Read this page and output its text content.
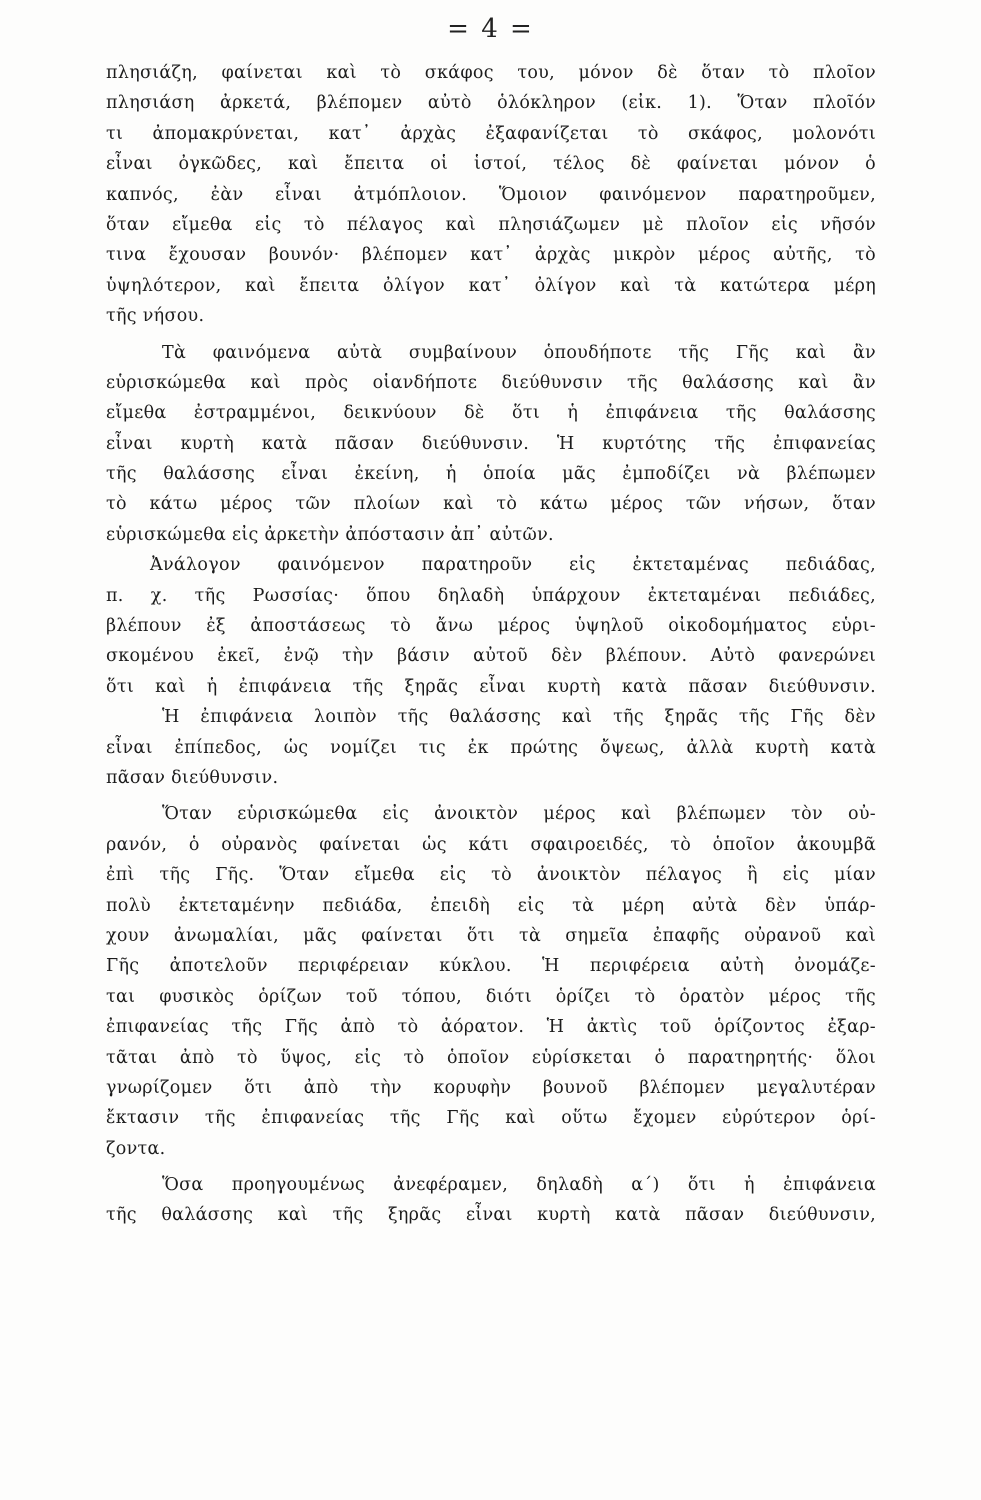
= 4 =
πλησιάζη, φαίνεται καὶ τὸ σκάφος του, μόνον δὲ ὅταν τὸ πλοῖον
πλησιάση ἀρκετά, βλέπομεν αὐτὸ ὁλόκληρον (εἰκ. 1). Ὅταν πλοῖόν
τι ἀπομακρύνεται, κατ᾽ ἀρχὰς ἐξαφανίζεται τὸ σκάφος, μολονότι
εἶναι ὀγκῶδες, καὶ ἔπειτα οἱ ἱστοί, τέλος δὲ φαίνεται μόνον ὁ
καπνός, ἐὰν εἶναι ἀτμόπλοιον. Ὅμοιον φαινόμενον παρατηροῦμεν,
ὅταν εἴμεθα εἰς τὸ πέλαγος καὶ πλησιάζωμεν μὲ πλοῖον εἰς νῆσόν
τινα ἔχουσαν βουνόν· βλέπομεν κατ᾽ ἀρχὰς μικρὸν μέρος αὐτῆς, τὸ
ὑψηλότερον, καὶ ἔπειτα ὀλίγον κατ᾽ ὀλίγον καὶ τὰ κατώτερα μέρη
τῆς νήσου.
Τὰ φαινόμενα αὐτὰ συμβαίνουν ὁπουδήποτε τῆς Γῆς καὶ ἂν
εὑρισκώμεθα καὶ πρὸς οἱανδήποτε διεύθυνσιν τῆς θαλάσσης καὶ ἂν
εἴμεθα ἐστραμμένοι, δεικνύουν δὲ ὅτι ἡ ἐπιφάνεια τῆς θαλάσσης
εἶναι κυρτὴ κατὰ πᾶσαν διεύθυνσιν. Ἡ κυρτότης τῆς ἐπιφανείας
τῆς θαλάσσης εἶναι ἐκείνη, ἡ ὁποία μᾶς ἐμποδίζει νὰ βλέπωμεν
τὸ κάτω μέρος τῶν πλοίων καὶ τὸ κάτω μέρος τῶν νήσων, ὅταν
εὑρισκώμεθα εἰς ἀρκετὴν ἀπόστασιν ἀπ᾽ αὐτῶν.
Ἀνάλογον φαινόμενον παρατηροῦν εἰς ἐκτεταμένας πεδιάδας,
π. χ. τῆς Ρωσσίας· ὅπου δηλαδὴ ὑπάρχουν ἐκτεταμέναι πεδιάδες,
βλέπουν ἐξ ἀποστάσεως τὸ ἄνω μέρος ὑψηλοῦ οἰκοδομήματος εὑρι-
σκομένου ἐκεῖ, ἐνῷ τὴν βάσιν αὐτοῦ δὲν βλέπουν. Αὐτὸ φανερώνει
ὅτι καὶ ἡ ἐπιφάνεια τῆς ξηρᾶς εἶναι κυρτὴ κατὰ πᾶσαν διεύθυνσιν.
Ἡ ἐπιφάνεια λοιπὸν τῆς θαλάσσης καὶ τῆς ξηρᾶς τῆς Γῆς δὲν
εἶναι ἐπίπεδος, ὡς νομίζει τις ἐκ πρώτης ὄψεως, ἀλλὰ κυρτὴ κατὰ
πᾶσαν διεύθυνσιν.
Ὅταν εὑρισκώμεθα εἰς ἀνοικτὸν μέρος καὶ βλέπωμεν τὸν οὐ-
ρανόν, ὁ οὐρανὸς φαίνεται ὡς κάτι σφαιροειδές, τὸ ὁποῖον ἀκουμβᾶ
ἐπὶ τῆς Γῆς. Ὅταν εἴμεθα εἰς τὸ ἀνοικτὸν πέλαγος ἢ εἰς μίαν
πολὺ ἐκτεταμένην πεδιάδα, ἐπειδὴ εἰς τὰ μέρη αὐτὰ δὲν ὑπάρ-
χουν ἀνωμαλίαι, μᾶς φαίνεται ὅτι τὰ σημεῖα ἐπαφῆς οὐρανοῦ καὶ
Γῆς ἀποτελοῦν περιφέρειαν κύκλου. Ἡ περιφέρεια αὐτὴ ὀνομάζε-
ται φυσικὸς ὁρίζων τοῦ τόπου, διότι ὁρίζει τὸ ὁρατὸν μέρος τῆς
ἐπιφανείας τῆς Γῆς ἀπὸ τὸ ἀόρατον. Ἡ ἀκτὶς τοῦ ὁρίζοντος ἐξαρ-
τᾶται ἀπὸ τὸ ὕψος, εἰς τὸ ὁποῖον εὑρίσκεται ὁ παρατηρητής· ὅλοι
γνωρίζομεν ὅτι ἀπὸ τὴν κορυφὴν βουνοῦ βλέπομεν μεγαλυτέραν
ἔκτασιν τῆς ἐπιφανείας τῆς Γῆς καὶ οὕτω ἔχομεν εὐρύτερον ὁρί-
ζοντα.
Ὅσα προηγουμένως ἀνεφέραμεν, δηλαδὴ α΄) ὅτι ἡ ἐπιφάνεια
τῆς θαλάσσης καὶ τῆς ξηρᾶς εἶναι κυρτὴ κατὰ πᾶσαν διεύθυνσιν,
